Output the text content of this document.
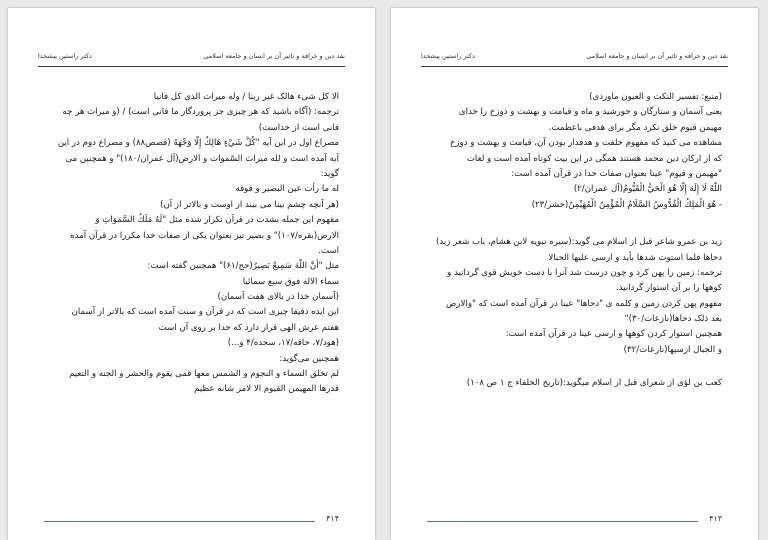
نقد دین و خرافه و تاثیر آن بر انسان و جامعه اسلامی
دکتر راستین پیشخدا
الا کل شیء هالک غیر ربنا / وله میراث الذی کل فانیا
ترجمه: (آگاه باشید که هر چیزی جز پروردگار ما فانی است) / (و میراث هر چه
فانی است از خداست)
مصراع اول در این آیه "كُلُّ شَيْءٍ هَالِكٌ إِلَّا وَجْهَهُ (قصص۸۸) و مصراع دوم در این
آیه آمده است و لله میراث السّموات و الارض(آل عمران/۱۸۰)" و همچنین می
گوید:
له ما رأت عین البصیر و فوقه
(هر آنچه چشم بینا می بیند از اوست و بالاتر از آن)
مفهوم این جمله بشدت در قرآن تکرار شده مثل "لَهُ مَلَكُ السَّمَوَاتِ وَ
الارض(بقره/۱۰۷)" و بصیر نیز بعنوان یکی از صفات خدا مکررا در قرآن آمده
است.
مثل "أَنَّ اللَّهَ سَمِيعٌ بَصِيرٌ(حج/۶۱)" همچنین گفته است:
سماء الاله فوق سبع سمائیا
(آسمان خدا در بالای هفت آسمان)
این ایده دقیقا چیزی است که در قرآن و سنت آمده است که بالاتر از آسمان
هفتم عرش الهی قرار دارد که خدا بر روی آن است
(هود/۷، حاقه/۱۷، سجده/۴ و...)
همچنین می‌گوید:
لم تخلق السماء و النجوم و الشمس معها قمی یقوم والحشر و الجنه و النعیم
قدرها المهیمن القیوم الا لامر شانه عظیم
۴۱۴
نقد دین و خرافه و تاثیر آن بر انسان و جامعه اسلامی
دکتر راستین پیشخدا
(منبع: تفسیر النکت و العیون ماوردی)
یعنی آسمان و ستارگان و خورشید و ماه و قیامت و بهشت و دوزخ را خدای
مهیمن قیوم خلق نکرد مگر برای هدفی باعظمت.
مشاهده می کنید که مفهوم خلقت و هدفدار بودن آن، قیامت و بهشت و دوزخ
که از ارکان دین محمد هستند همگی در این بیت کوتاه آمده است و لغات
"مهیمن و قیوم" عینا بعنوان صفات خدا در قرآن آمده است:
اللَّهُ لَا إِلَهَ إِلَّا هُوَ الْحَيُّ الْقَيُّومُ(آل عمران/۲)
- هُوَ الْمَلِكُ الْقُدُّوسُ السَّلَامُ الْمُؤْمِنُ الْمُهَيْمِنُ(حشر/۲۳)
زید بن عمرو شاعر قبل از اسلام می گوید:(سیره نبویه لابن هشام، باب شعر زید)
دحاها فلما استوت شدها بأید و ارسی علیها الجبالا
ترجمه: زمین را پهن کرد و چون درست شد آنرا با دست خویش قوی گردانید و
کوهها را بر آن استوار گردانید.
مفهوم پهن کردن زمین و کلمه ی "دحاها" عینا در قرآن آمده است که "والارض
بعد ذلک دحاها(نازعات/۳۰)"
همچنین استوار کردن کوهها و ارسی عینا در قرآن آمده است:
و الجبال ارسیها(نازعات/۳۲)
کعب بن لؤی از شعرای قبل از اسلام میگوید:(تاریخ الخلفاء ج ۱ ص ۱۰۸)
۴۱۳
